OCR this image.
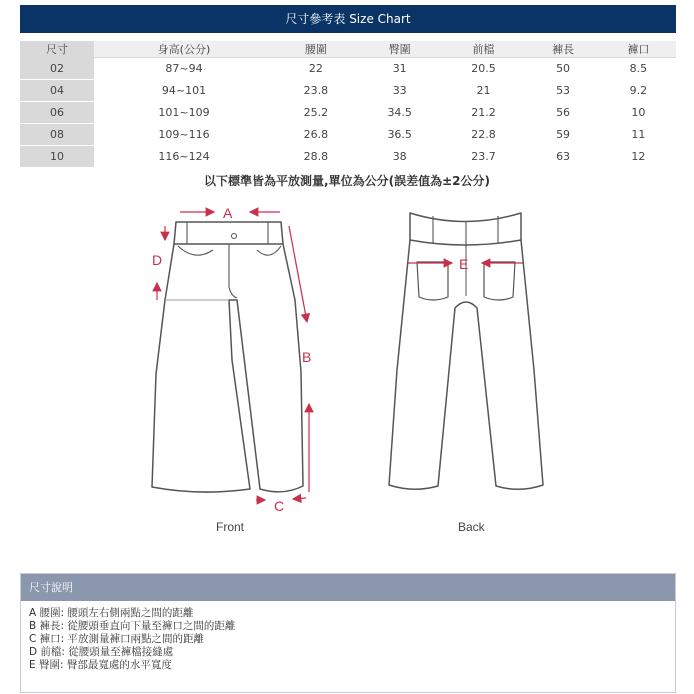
尺寸參考表 Size Chart
尺寸	身高(公分)	腰圍	臀圍	前檔	褲長	褲口
02	87~94	22	31	20.5	50	8.5
04	94~101	23.8	33	21	53	9.2
06	101~109	25.2	34.5	21.2	56	10
08	109~116	26.8	36.5	22.8	59	11
10	116~124	28.8	38	23.7	63	12
以下標準皆為平放測量,單位為公分(誤差值為±2公分)
A
D
B
C
Front
E
Back
尺寸說明
A 腰圍: 腰頭左右側兩點之間的距離
B 褲長: 從腰頭垂直向下量至褲口之間的距離
C 褲口: 平放測量褲口兩點之間的距離
D 前檔: 從腰頭量至褲檔接縫處
E 臀圍: 臀部最寬處的水平寬度
